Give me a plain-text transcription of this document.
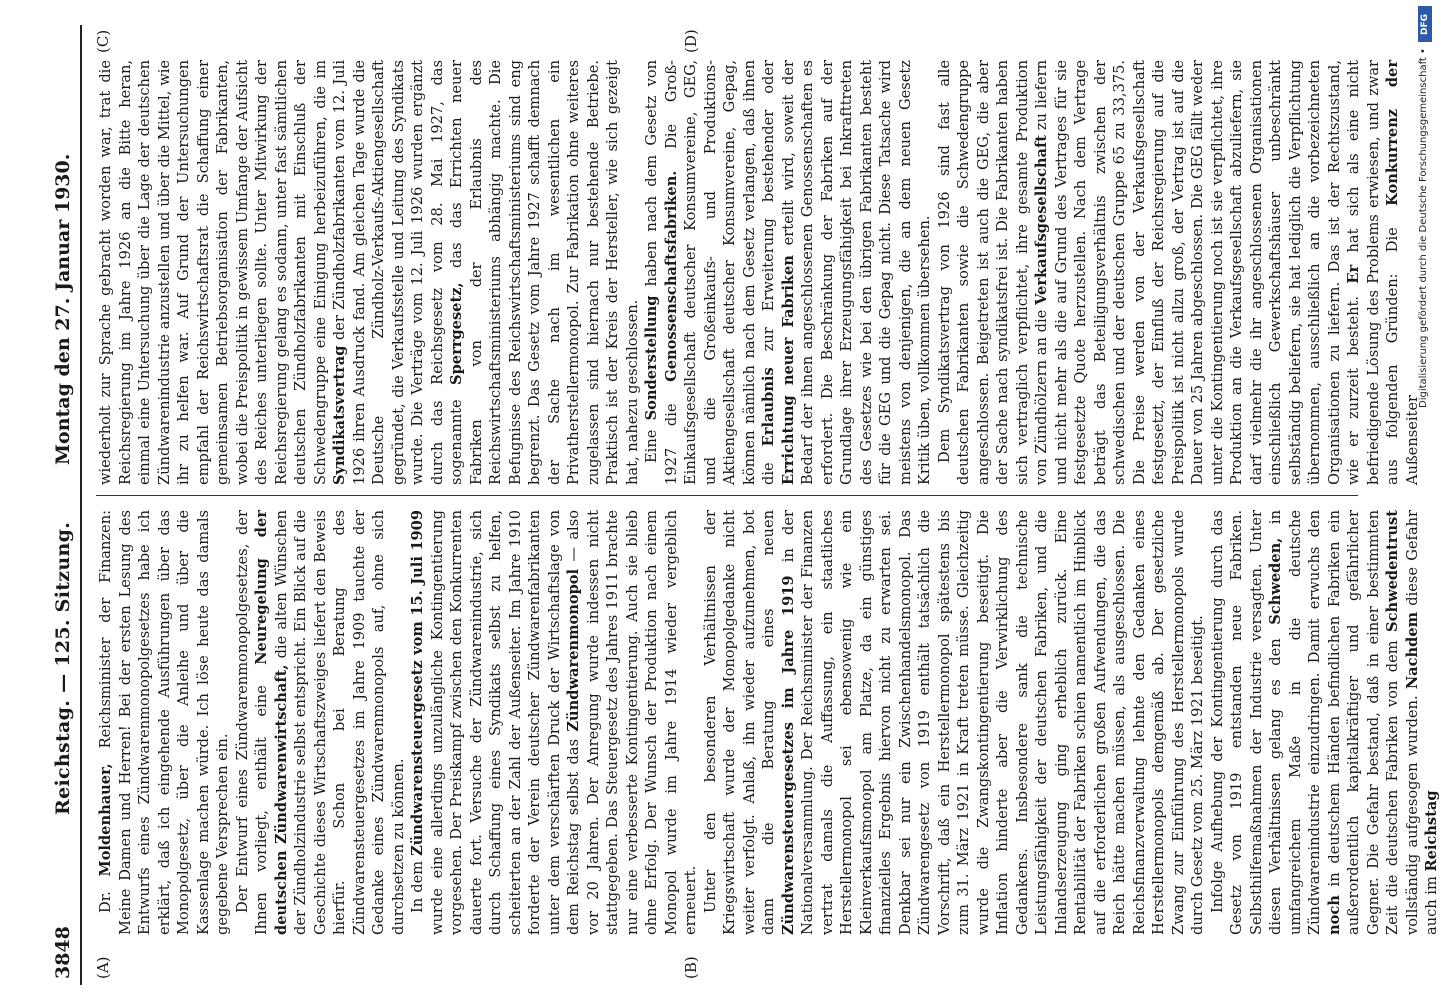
3848
Reichstag. — 125. Sitzung.
Montag den 27. Januar 1930.
(A)	(B)
(C)	(D)

Dr. Moldenhauer, Reichsminister der Finanzen: Meine Damen und Herren! Bei der ersten Lesung des Entwurfs eines Zündwarenmonopolgesetzes habe ich erklärt, daß ich eingehende Ausführungen über das Monopolgesetz, über die Anleihe und über die Kassenlage machen würde. Ich löse heute das damals gegebene Versprechen ein. Der Entwurf eines Zündwarenmonopolgesetzes, der Ihnen vorliegt, enthält eine Neuregelung der deutschen Zündwarenwirtschaft, die alten Wünschen der Zündholzindustrie selbst entspricht. Ein Blick auf die Geschichte dieses Wirtschaftszweiges liefert den Beweis hierfür. Schon bei Beratung des Zündwarensteuergesetzes im Jahre 1909 tauchte der Gedanke eines Zündwarenmonopols auf, ohne sich durchsetzen zu können. In dem Zündwarensteuergesetz vom 15. Juli 1909 wurde eine allerdings unzulängliche Kontingentierung vorgesehen. Der Preiskampf zwischen den Konkurrenten dauerte fort. Versuche der Zündwarenindustrie, sich durch Schaffung eines Syndikats selbst zu helfen, scheiterten an der Zahl der Außenseiter. Im Jahre 1910 forderte der Verein deutscher Zündwarenfabrikanten unter dem verschärften Druck der Wirtschaftslage von dem Reichstag selbst das Zündwarenmonopol — also vor 20 Jahren. Der Anregung wurde indessen nicht stattgegeben. Das Steuergesetz des Jahres 1911 brachte nur eine verbesserte Kontingentierung. Auch sie blieb ohne Erfolg. Der Wunsch der Produktion nach einem Monopol wurde im Jahre 1914 wieder vergeblich erneuert. Unter den besonderen Verhältnissen der Kriegswirtschaft wurde der Monopolgedanke nicht weiter verfolgt. Anlaß, ihn wieder aufzunehmen, bot dann die Beratung eines neuen Zündwarensteuergesetzes im Jahre 1919 in der Nationalversammlung. Der Reichsminister der Finanzen vertrat damals die Auffassung, ein staatliches Herstellermonopol sei ebensowenig wie ein Kleinverkaufsmonopol am Platze, da ein günstiges finanzielles Ergebnis hiervon nicht zu erwarten sei. Denkbar sei nur ein Zwischenhandelsmonopol. Das Zündwarengesetz von 1919 enthält tatsächlich die Vorschrift, daß ein Herstellermonopol spätestens bis zum 31. März 1921 in Kraft treten müsse. Gleichzeitig wurde die Zwangskontingentierung beseitigt. Die Inflation hinderte aber die Verwirklichung des Gedankens. Insbesondere sank die technische Leistungsfähigkeit der deutschen Fabriken, und die Inlandserzeugung ging erheblich zurück. Eine Rentabilität der Fabriken schien namentlich im Hinblick auf die erforderlichen großen Aufwendungen, die das Reich hätte machen müssen, als ausgeschlossen. Die Reichsfinanzverwaltung lehnte den Gedanken eines Herstellermonopols demgemäß ab. Der gesetzliche Zwang zur Einführung des Herstellermonopols wurde durch Gesetz vom 25. März 1921 beseitigt. Infolge Aufhebung der Kontingentierung durch das Gesetz von 1919 entstanden neue Fabriken. Selbsthilfemaßnahmen der Industrie versagten. Unter diesen Verhältnissen gelang es den Schweden, in umfangreichem Maße in die deutsche Zündwarenindustrie einzudringen. Damit erwuchs den noch in deutschem Händen befindlichen Fabriken ein außerordentlich kapitalkräftiger und gefährlicher Gegner. Die Gefahr bestand, daß in einer bestimmten Zeit die deutschen Fabriken von dem Schwedentrust vollständig aufgesogen wurden. Nachdem diese Gefahr auch im Reichstag

wiederholt zur Sprache gebracht worden war, trat die Reichsregierung im Jahre 1926 an die Bitte heran, einmal eine Untersuchung über die Lage der deutschen Zündwarenindustrie anzustellen und über die Mittel, wie ihr zu helfen war. Auf Grund der Untersuchungen empfahl der Reichswirtschaftsrat die Schaffung einer gemeinsamen Betriebsorganisation der Fabrikanten, wobei die Preispolitik in gewissem Umfange der Aufsicht des Reiches unterliegen sollte. Unter Mitwirkung der Reichsregierung gelang es sodann, unter fast sämtlichen deutschen Zündholzfabrikanten mit Einschluß der Schwedengruppe eine Einigung herbeizuführen, die im Syndikatsvertrag der Zündholzfabrikanten vom 12. Juli 1926 ihren Ausdruck fand. Am gleichen Tage wurde die Deutsche Zündholz-Verkaufs-Aktiengesellschaft gegründet, die Verkaufsstelle und Leitung des Syndikats wurde. Die Verträge vom 12. Juli 1926 wurden ergänzt durch das Reichsgesetz vom 28. Mai 1927, das sogenannte Sperrgesetz, das das Errichten neuer Fabriken von der Erlaubnis des Reichswirtschaftsministeriums abhängig machte. Die Befugnisse des Reichswirtschaftsministeriums sind eng begrenzt. Das Gesetz vom Jahre 1927 schafft demnach der Sache nach im wesentlichen ein Privatherstellermonopol. Zur Fabrikation ohne weiteres zugelassen sind hiernach nur bestehende Betriebe. Praktisch ist der Kreis der Hersteller, wie sich gezeigt hat, nahezu geschlossen. Eine Sonderstellung haben nach dem Gesetz von 1927 die Genossenschaftsfabriken. Die Groß-Einkaufsgesellschaft deutscher Konsumvereine, GEG, und die Großeinkaufs- und Produktions-Aktiengesellschaft deutscher Konsumvereine, Gepag, können nämlich nach dem Gesetz verlangen, daß ihnen die Erlaubnis zur Erweiterung bestehender oder Errichtung neuer Fabriken erteilt wird, soweit der Bedarf der ihnen angeschlossenen Genossenschaften es erfordert. Die Beschränkung der Fabriken auf der Grundlage ihrer Erzeugungsfähigkeit bei Inkrafttreten des Gesetzes wie bei den übrigen Fabrikanten besteht für die GEG und die Gepag nicht. Diese Tatsache wird meistens von denjenigen, die an dem neuen Gesetz Kritik üben, vollkommen übersehen. Dem Syndikatsvertrag von 1926 sind fast alle deutschen Fabrikanten sowie die Schwedengruppe angeschlossen. Beigetreten ist auch die GEG, die aber der Sache nach syndikatsfrei ist. Die Fabrikanten haben sich vertraglich verpflichtet, ihre gesamte Produktion von Zündhölzern an die Verkaufsgesellschaft zu liefern und nicht mehr als die auf Grund des Vertrages für sie festgesetzte Quote herzustellen. Nach dem Vertrage beträgt das Beteiligungsverhältnis zwischen der schwedischen und der deutschen Gruppe 65 zu 33,375. Die Preise werden von der Verkaufsgesellschaft festgesetzt, der Einfluß der Reichsregierung auf die Preispolitik ist nicht allzu groß, der Vertrag ist auf die Dauer von 25 Jahren abgeschlossen. Die GEG fällt weder unter die Kontingentierung noch ist sie verpflichtet, ihre Produktion an die Verkaufsgesellschaft abzuliefern, sie darf vielmehr die ihr angeschlossenen Organisationen einschließlich Gewerkschaftshäuser unbeschränkt selbständig beliefern, sie hat lediglich die Verpflichtung übernommen, ausschließlich an die vorbezeichneten Organisationen zu liefern. Das ist der Rechtszustand, wie er zurzeit besteht. Er hat sich als eine nicht befriedigende Lösung des Problems erwiesen, und zwar aus folgenden Gründen: Die Konkurrenz der Außenseiter

DFG
Digitalisierung gefördert durch die Deutsche Forschungsgemeinschaft •
